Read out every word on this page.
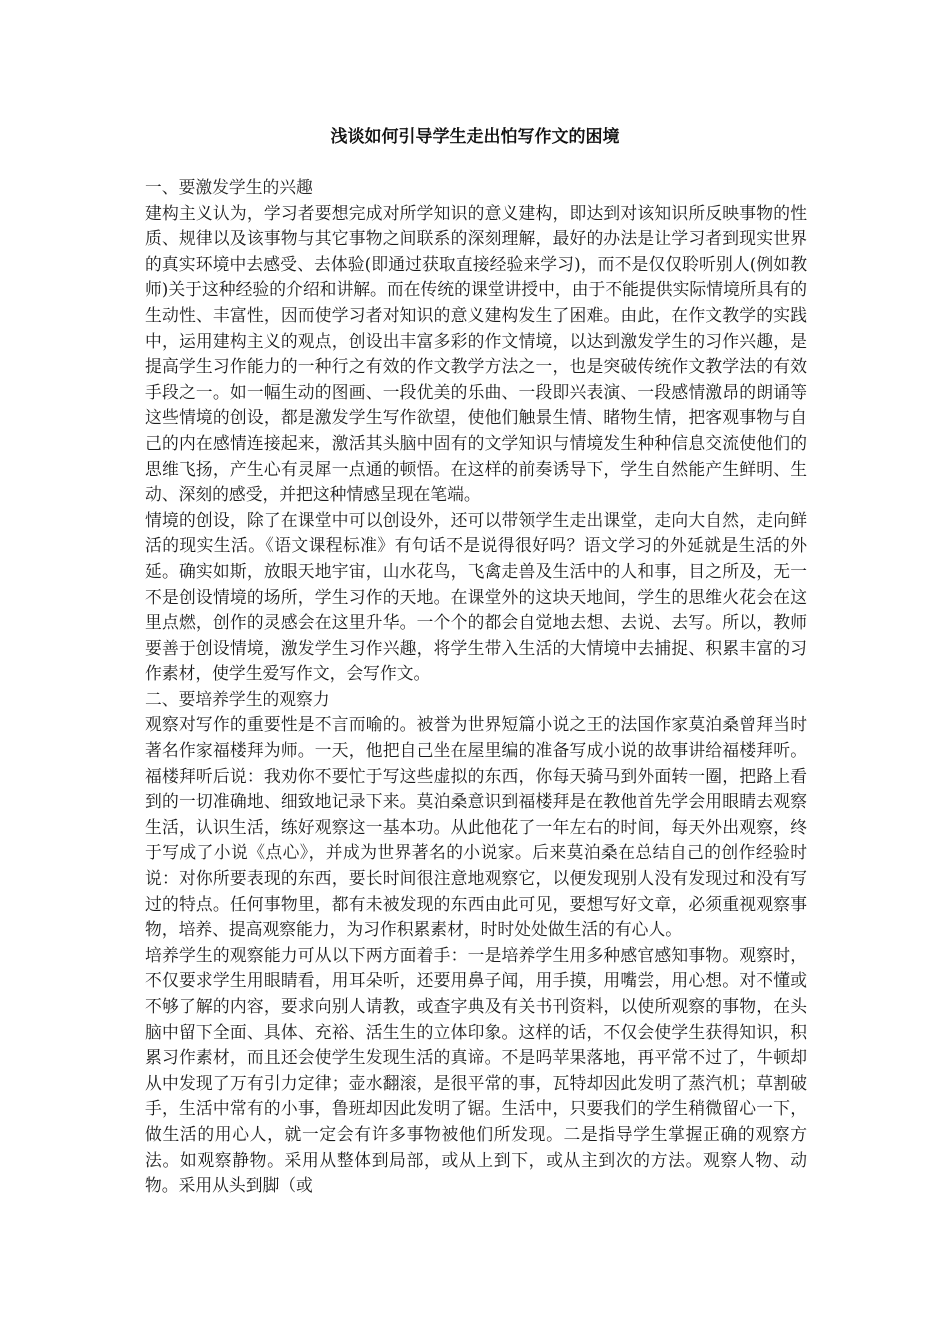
浅谈如何引导学生走出怕写作文的困境

一、要激发学生的兴趣

建构主义认为，学习者要想完成对所学知识的意义建构，即达到对该知识所反映事物的性质、规律以及该事物与其它事物之间联系的深刻理解，最好的办法是让学习者到现实世界的真实环境中去感受、去体验(即通过获取直接经验来学习)，而不是仅仅聆听别人(例如教师)关于这种经验的介绍和讲解。而在传统的课堂讲授中，由于不能提供实际情境所具有的生动性、丰富性，因而使学习者对知识的意义建构发生了困难。由此，在作文教学的实践中，运用建构主义的观点，创设出丰富多彩的作文情境，以达到激发学生的习作兴趣，是提高学生习作能力的一种行之有效的作文教学方法之一，也是突破传统作文教学法的有效手段之一。如一幅生动的图画、一段优美的乐曲、一段即兴表演、一段感情激昂的朗诵等这些情境的创设，都是激发学生写作欲望，使他们触景生情、睹物生情，把客观事物与自己的内在感情连接起来，激活其头脑中固有的文学知识与情境发生种种信息交流使他们的思维飞扬，产生心有灵犀一点通的顿悟。在这样的前奏诱导下，学生自然能产生鲜明、生动、深刻的感受，并把这种情感呈现在笔端。

情境的创设，除了在课堂中可以创设外，还可以带领学生走出课堂，走向大自然，走向鲜活的现实生活。《语文课程标准》有句话不是说得很好吗？语文学习的外延就是生活的外延。确实如斯，放眼天地宇宙，山水花鸟，飞禽走兽及生活中的人和事，目之所及，无一不是创设情境的场所，学生习作的天地。在课堂外的这块天地间，学生的思维火花会在这里点燃，创作的灵感会在这里升华。一个个的都会自觉地去想、去说、去写。所以，教师要善于创设情境，激发学生习作兴趣，将学生带入生活的大情境中去捕捉、积累丰富的习作素材，使学生爱写作文，会写作文。

二、要培养学生的观察力

观察对写作的重要性是不言而喻的。被誉为世界短篇小说之王的法国作家莫泊桑曾拜当时著名作家福楼拜为师。一天，他把自己坐在屋里编的准备写成小说的故事讲给福楼拜听。福楼拜听后说：我劝你不要忙于写这些虚拟的东西，你每天骑马到外面转一圈，把路上看到的一切准确地、细致地记录下来。莫泊桑意识到福楼拜是在教他首先学会用眼睛去观察生活，认识生活，练好观察这一基本功。从此他花了一年左右的时间，每天外出观察，终于写成了小说《点心》，并成为世界著名的小说家。后来莫泊桑在总结自己的创作经验时说：对你所要表现的东西，要长时间很注意地观察它，以便发现别人没有发现过和没有写过的特点。任何事物里，都有未被发现的东西由此可见，要想写好文章，必须重视观察事物，培养、提高观察能力，为习作积累素材，时时处处做生活的有心人。

培养学生的观察能力可从以下两方面着手：一是培养学生用多种感官感知事物。观察时，不仅要求学生用眼睛看，用耳朵听，还要用鼻子闻，用手摸，用嘴尝，用心想。对不懂或不够了解的内容，要求向别人请教，或查字典及有关书刊资料，以使所观察的事物，在头脑中留下全面、具体、充裕、活生生的立体印象。这样的话，不仅会使学生获得知识，积累习作素材，而且还会使学生发现生活的真谛。不是吗苹果落地，再平常不过了，牛顿却从中发现了万有引力定律；壶水翻滚，是很平常的事，瓦特却因此发明了蒸汽机；草割破手，生活中常有的小事，鲁班却因此发明了锯。生活中，只要我们的学生稍微留心一下，做生活的用心人，就一定会有许多事物被他们所发现。二是指导学生掌握正确的观察方法。如观察静物。采用从整体到局部，或从上到下，或从主到次的方法。观察人物、动物。采用从头到脚（或
